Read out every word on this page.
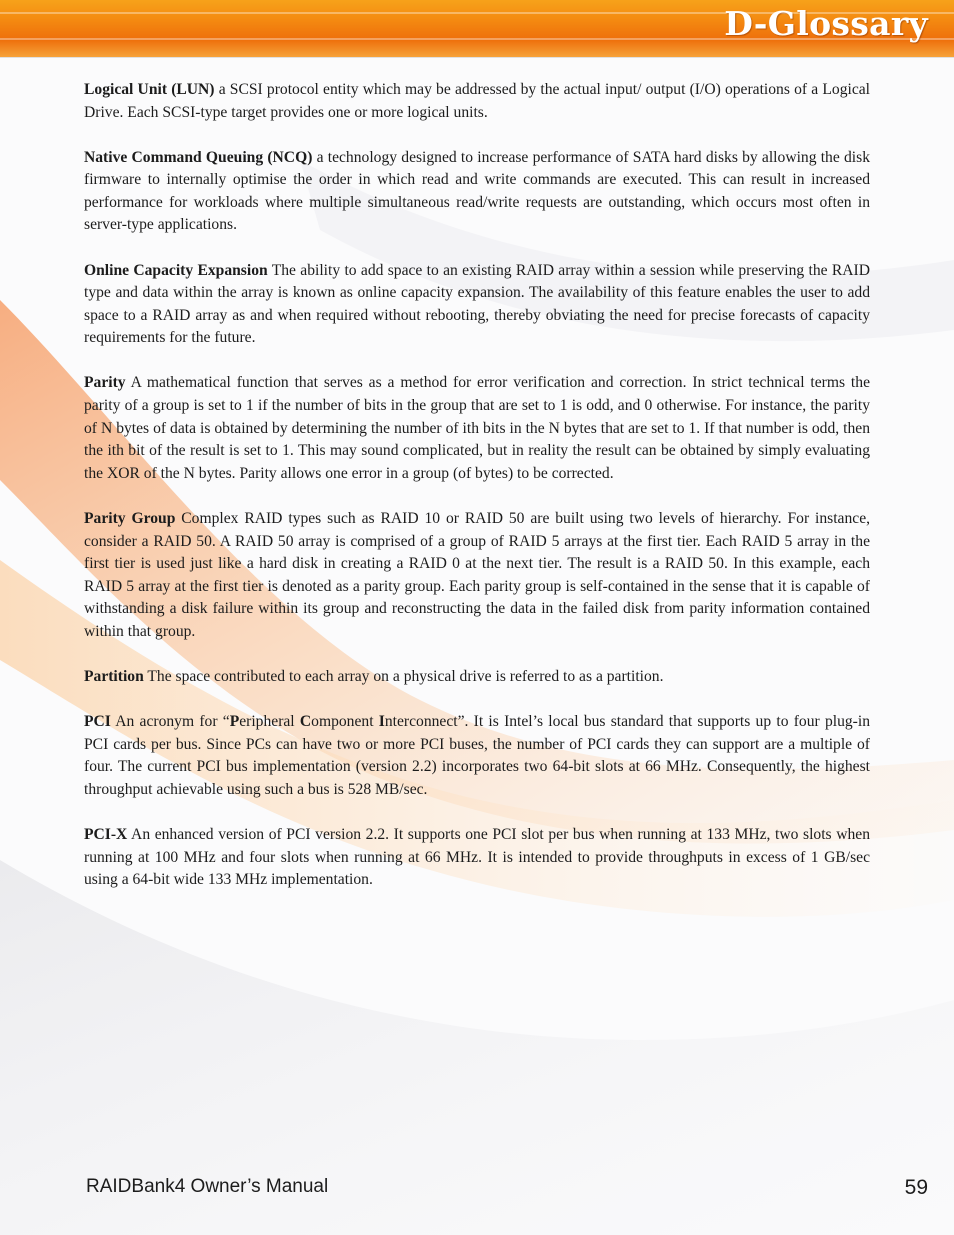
D-Glossary

Logical Unit (LUN) a SCSI protocol entity which may be addressed by the actual input/ output (I/O) operations of a Logical Drive. Each SCSI-type target provides one or more logical units.

Native Command Queuing (NCQ) a technology designed to increase performance of SATA hard disks by allowing the disk firmware to internally optimise the order in which read and write commands are executed. This can result in increased performance for workloads where multiple simultaneous read/write requests are outstanding, which occurs most often in server-type applications.

Online Capacity Expansion The ability to add space to an existing RAID array within a session while preserving the RAID type and data within the array is known as online capacity expansion. The availability of this feature enables the user to add space to a RAID array as and when required without rebooting, thereby obviating the need for precise forecasts of capacity requirements for the future.

Parity A mathematical function that serves as a method for error verification and correction. In strict technical terms the parity of a group is set to 1 if the number of bits in the group that are set to 1 is odd, and 0 otherwise. For instance, the parity of N bytes of data is obtained by determining the number of ith bits in the N bytes that are set to 1. If that number is odd, then the ith bit of the result is set to 1. This may sound complicated, but in reality the result can be obtained by simply evaluating the XOR of the N bytes. Parity allows one error in a group (of bytes) to be corrected.

Parity Group Complex RAID types such as RAID 10 or RAID 50 are built using two levels of hierarchy. For instance, consider a RAID 50. A RAID 50 array is comprised of a group of RAID 5 arrays at the first tier. Each RAID 5 array in the first tier is used just like a hard disk in creating a RAID 0 at the next tier. The result is a RAID 50. In this example, each RAID 5 array at the first tier is denoted as a parity group. Each parity group is self-contained in the sense that it is capable of withstanding a disk failure within its group and reconstructing the data in the failed disk from parity information contained within that group.

Partition The space contributed to each array on a physical drive is referred to as a partition.

PCI An acronym for “Peripheral Component Interconnect”. It is Intel’s local bus standard that supports up to four plug-in PCI cards per bus. Since PCs can have two or more PCI buses, the number of PCI cards they can support are a multiple of four. The current PCI bus implementation (version 2.2) incorporates two 64-bit slots at 66 MHz. Consequently, the highest throughput achievable using such a bus is 528 MB/sec.

PCI-X An enhanced version of PCI version 2.2. It supports one PCI slot per bus when running at 133 MHz, two slots when running at 100 MHz and four slots when running at 66 MHz. It is intended to provide throughputs in excess of 1 GB/sec using a 64-bit wide 133 MHz implementation.

RAIDBank4 Owner’s Manual	59
